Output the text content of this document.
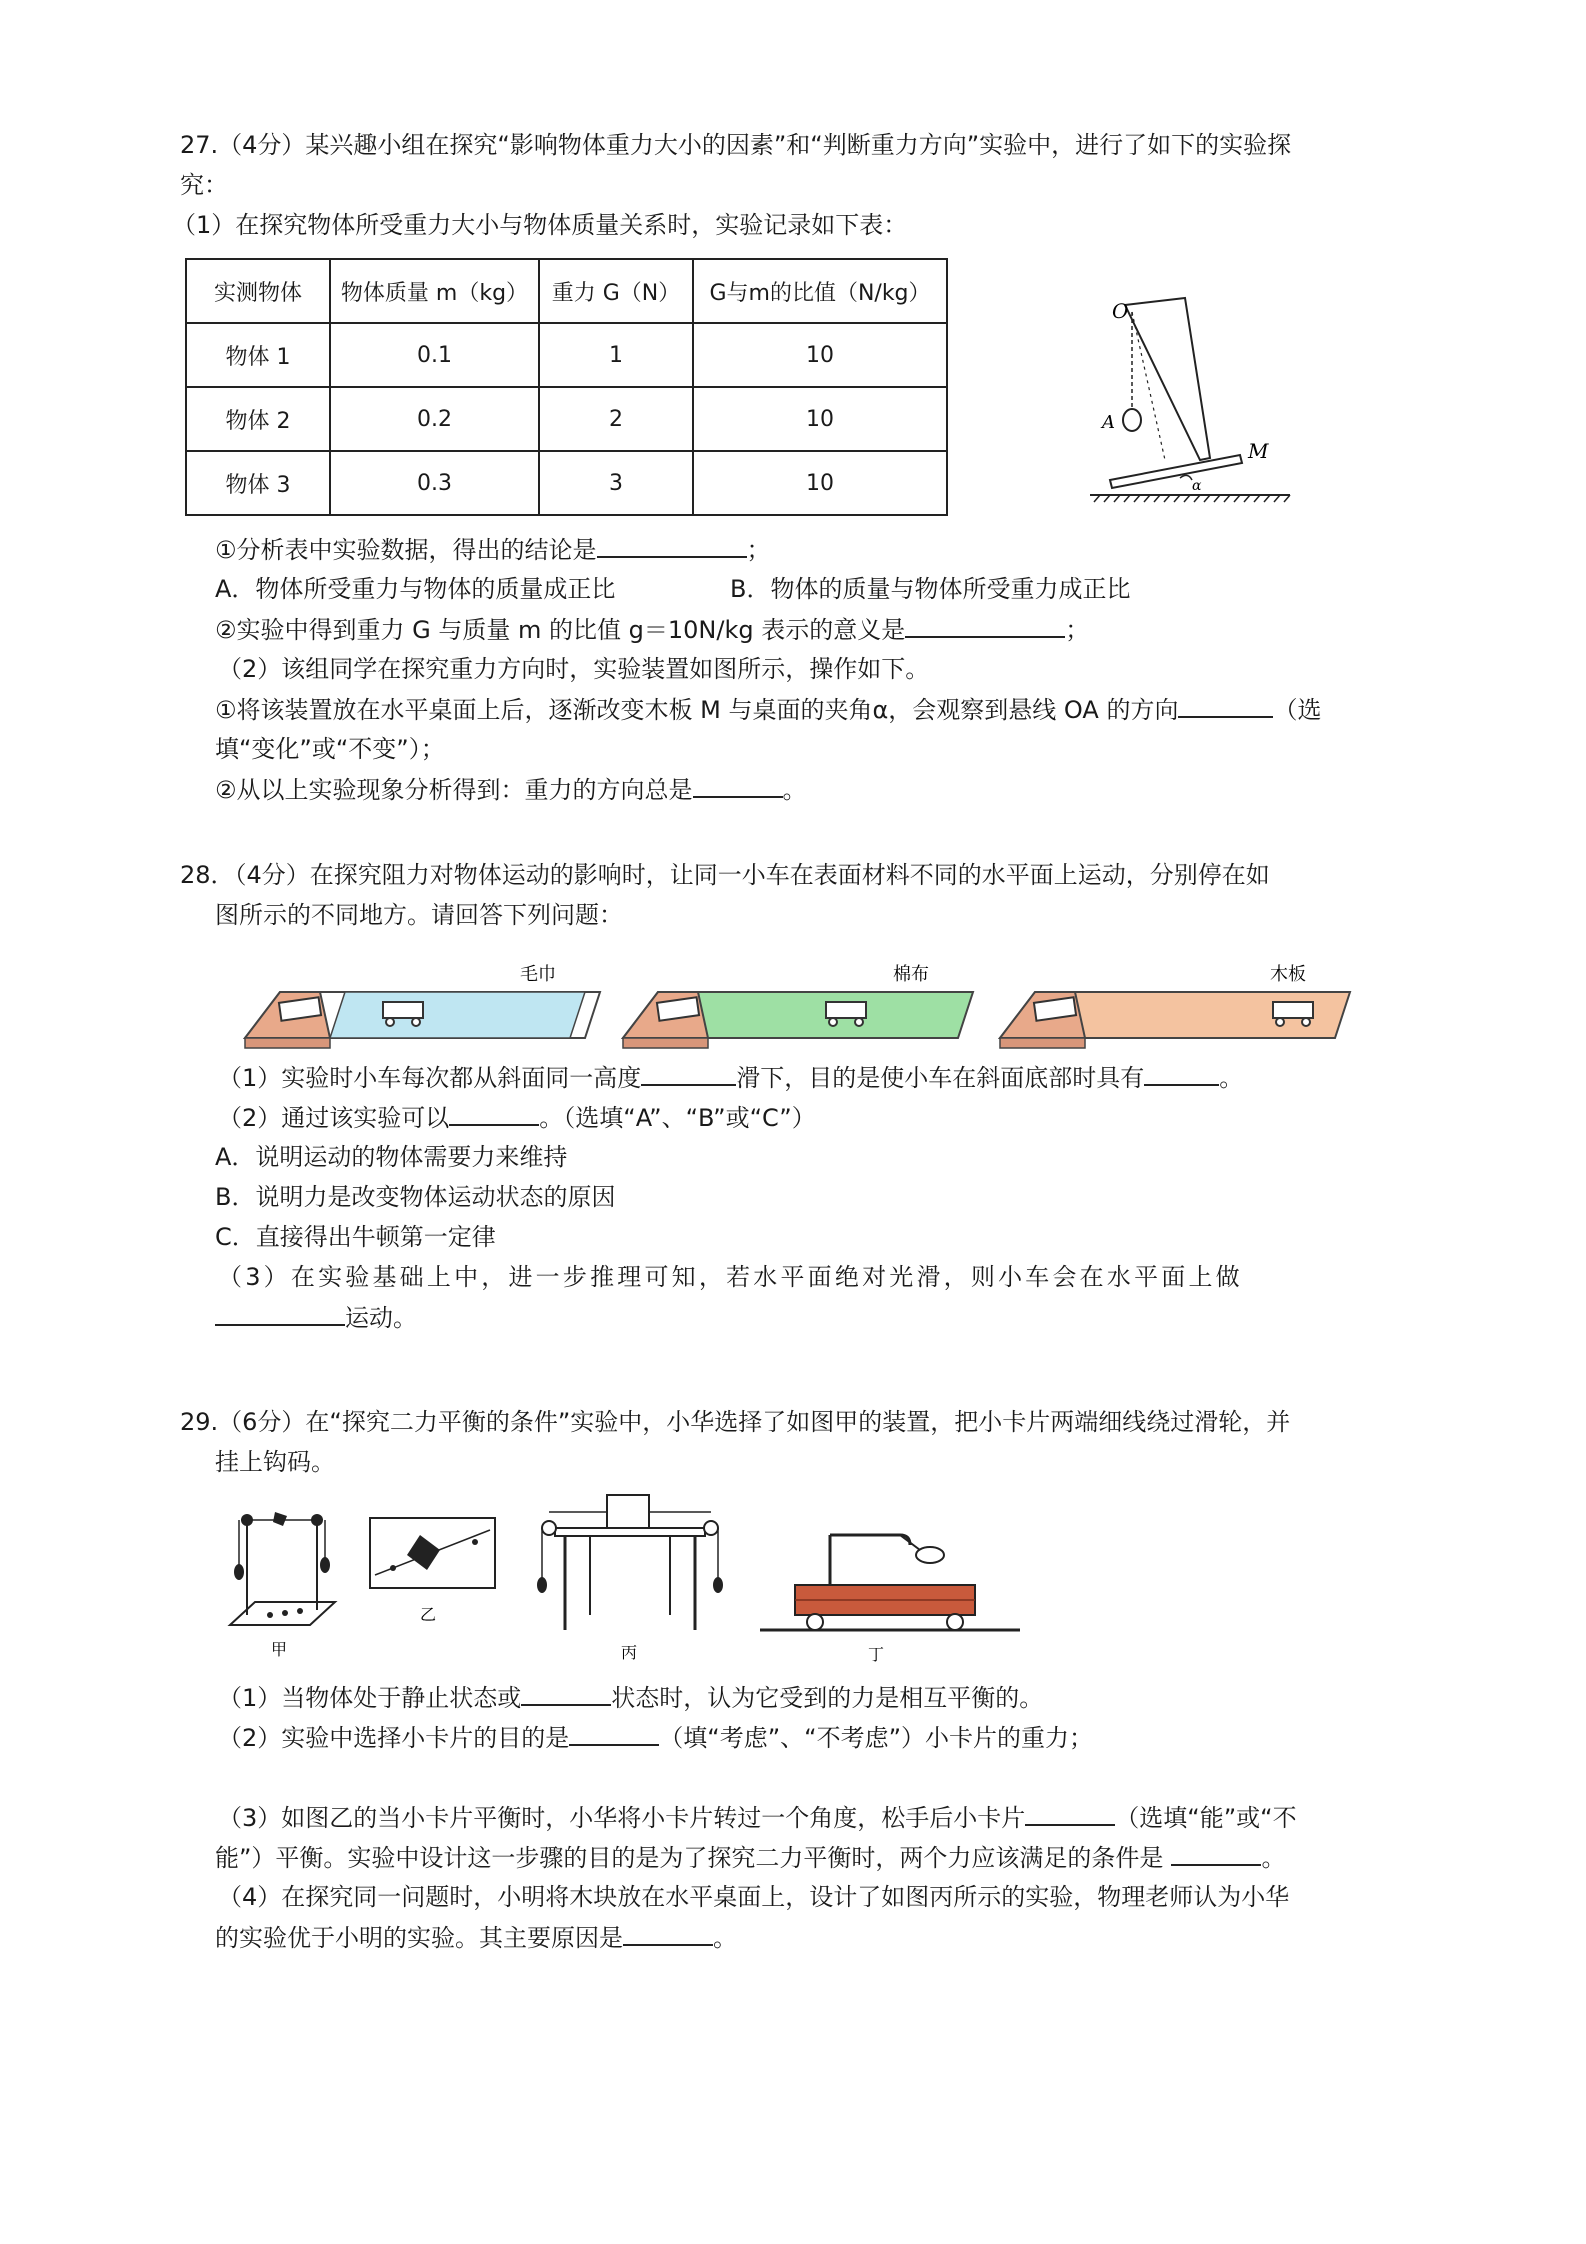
27.（4分）某兴趣小组在探究“影响物体重力大小的因素”和“判断重力方向”实验中，进行了如下的实验探
究：
（1）在探究物体所受重力大小与物体质量关系时，实验记录如下表：
实测物体	物体质量 m（kg）	重力 G（N）	G与m的比值（N/kg）
物体 1	0.1	1	10
物体 2	0.2	2	10
物体 3	0.3	3	10
O
A
M
α
①分析表中实验数据，得出的结论是	；
A．物体所受重力与物体的质量成正比	B．物体的质量与物体所受重力成正比
②实验中得到重力 G 与质量 m 的比值 g＝10N/kg 表示的意义是	；
（2）该组同学在探究重力方向时，实验装置如图所示，操作如下。
①将该装置放在水平桌面上后，逐渐改变木板 M 与桌面的夹角α，会观察到悬线 OA 的方向	（选
填“变化”或“不变”）；
②从以上实验现象分析得到：重力的方向总是	。
28．（4分）在探究阻力对物体运动的影响时，让同一小车在表面材料不同的水平面上运动，分别停在如
图所示的不同地方。请回答下列问题：
毛巾	棉布	木板
（1）实验时小车每次都从斜面同一高度	滑下，目的是使小车在斜面底部时具有	。
（2）通过该实验可以	。（选填“A”、“B”或“C”）
A．说明运动的物体需要力来维持
B．说明力是改变物体运动状态的原因
C．直接得出牛顿第一定律
（3）在实验基础上中，进一步推理可知，若水平面绝对光滑，则小车会在水平面上做
运动。
29.（6分）在“探究二力平衡的条件”实验中，小华选择了如图甲的装置，把小卡片两端细线绕过滑轮，并
挂上钩码。
甲
乙
丙	丁
（1）当物体处于静止状态或	状态时，认为它受到的力是相互平衡的。
（2）实验中选择小卡片的目的是	（填“考虑”、“不考虑”）小卡片的重力；
（3）如图乙的当小卡片平衡时，小华将小卡片转过一个角度，松手后小卡片	（选填“能”或“不
能”）平衡。实验中设计这一步骤的目的是为了探究二力平衡时，两个力应该满足的条件是	。
（4）在探究同一问题时，小明将木块放在水平桌面上，设计了如图丙所示的实验，物理老师认为小华
的实验优于小明的实验。其主要原因是	。
